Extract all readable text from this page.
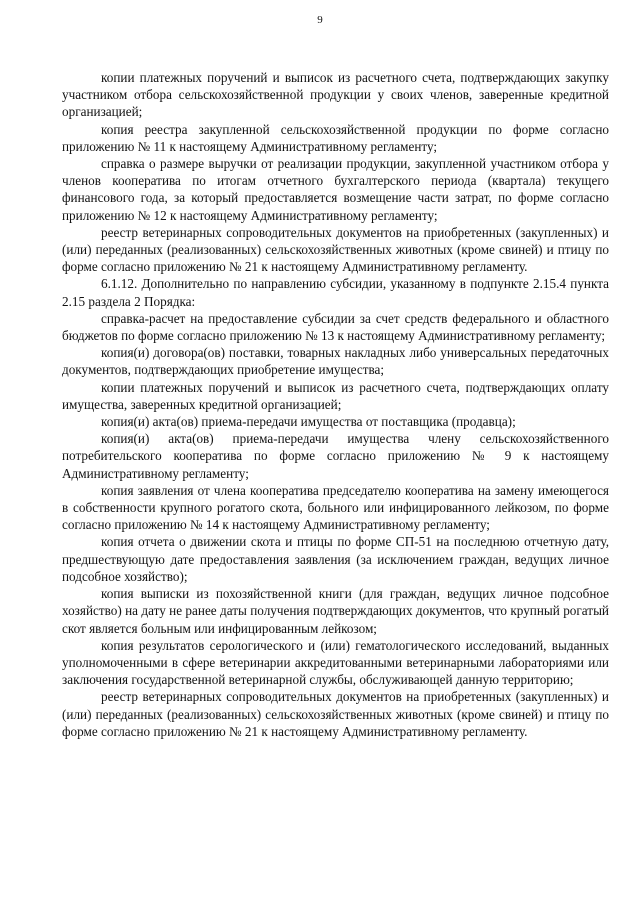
9

копии платежных поручений и выписок из расчетного счета, подтверждающих закупку участником отбора сельскохозяйственной продукции у своих членов, заверенные кредитной организацией;

копия реестра закупленной сельскохозяйственной продукции по форме согласно приложению № 11 к настоящему Административному регламенту;

справка о размере выручки от реализации продукции, закупленной участником отбора у членов кооператива по итогам отчетного бухгалтерского периода (квартала) текущего финансового года, за который предоставляется возмещение части затрат, по форме согласно приложению № 12 к настоящему Административному регламенту;

реестр ветеринарных сопроводительных документов на приобретенных (закупленных) и (или) переданных (реализованных) сельскохозяйственных животных (кроме свиней) и птицу по форме согласно приложению № 21 к настоящему Административному регламенту.

6.1.12. Дополнительно по направлению субсидии, указанному в подпункте 2.15.4 пункта 2.15 раздела 2 Порядка:

справка-расчет на предоставление субсидии за счет средств федерального и областного бюджетов по форме согласно приложению № 13 к настоящему Административному регламенту;

копия(и) договора(ов) поставки, товарных накладных либо универсальных передаточных документов, подтверждающих приобретение имущества;

копии платежных поручений и выписок из расчетного счета, подтверждающих оплату имущества, заверенных кредитной организацией;

копия(и) акта(ов) приема-передачи имущества от поставщика (продавца);

копия(и) акта(ов) приема-передачи имущества члену сельскохозяйственного потребительского кооператива по форме согласно приложению № 9 к настоящему Административному регламенту;

копия заявления от члена кооператива председателю кооператива на замену имеющегося в собственности крупного рогатого скота, больного или инфицированного лейкозом, по форме согласно приложению № 14 к настоящему Административному регламенту;

копия отчета о движении скота и птицы по форме СП-51 на последнюю отчетную дату, предшествующую дате предоставления заявления (за исключением граждан, ведущих личное подсобное хозяйство);

копия выписки из похозяйственной книги (для граждан, ведущих личное подсобное хозяйство) на дату не ранее даты получения подтверждающих документов, что крупный рогатый скот является больным или инфицированным лейкозом;

копия результатов серологического и (или) гематологического исследований, выданных уполномоченными в сфере ветеринарии аккредитованными ветеринарными лабораториями или заключения государственной ветеринарной службы, обслуживающей данную территорию;

реестр ветеринарных сопроводительных документов на приобретенных (закупленных) и (или) переданных (реализованных) сельскохозяйственных животных (кроме свиней) и птицу по форме согласно приложению № 21 к настоящему Административному регламенту.
